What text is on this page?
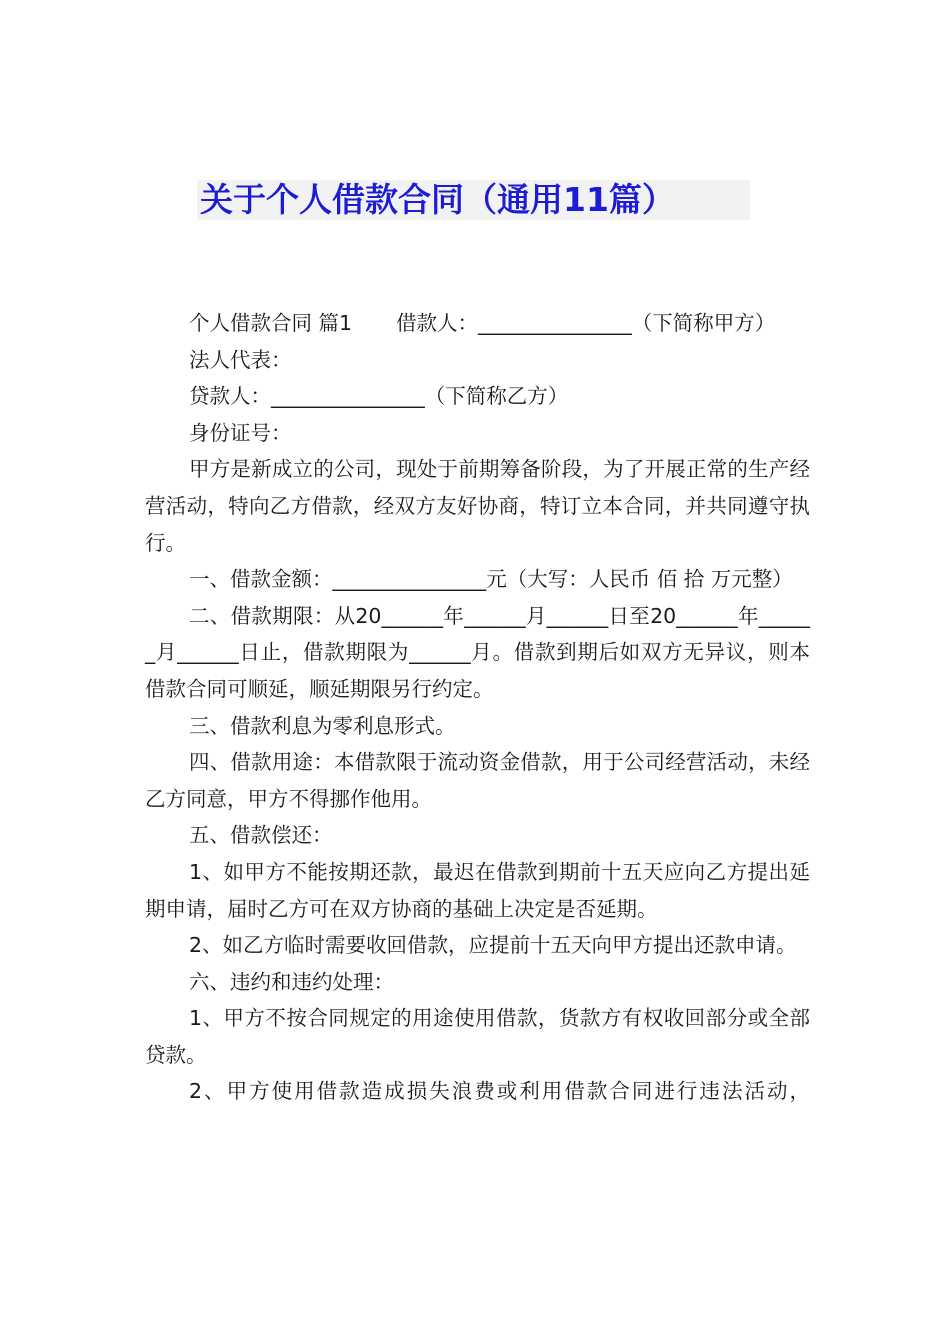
关于个人借款合同（通用11篇）

个人借款合同 篇1 借款人：_______________（下简称甲方）

法人代表：

贷款人：_______________（下简称乙方）

身份证号：

甲方是新成立的公司，现处于前期筹备阶段，为了开展正常的生产经营活动，特向乙方借款，经双方友好协商，特订立本合同，并共同遵守执行。

一、借款金额：_______________元（大写：人民币 佰 拾 万元整）

二、借款期限：从20______年______月______日至20______年______月______日止，借款期限为______月。借款到期后如双方无异议，则本借款合同可顺延，顺延期限另行约定。

三、借款利息为零利息形式。

四、借款用途：本借款限于流动资金借款，用于公司经营活动，未经乙方同意，甲方不得挪作他用。

五、借款偿还：

1、如甲方不能按期还款，最迟在借款到期前十五天应向乙方提出延期申请，届时乙方可在双方协商的基础上决定是否延期。

2、如乙方临时需要收回借款，应提前十五天向甲方提出还款申请。

六、违约和违约处理：

1、甲方不按合同规定的用途使用借款，货款方有权收回部分或全部贷款。

2、甲方使用借款造成损失浪费或利用借款合同进行违法活动，
